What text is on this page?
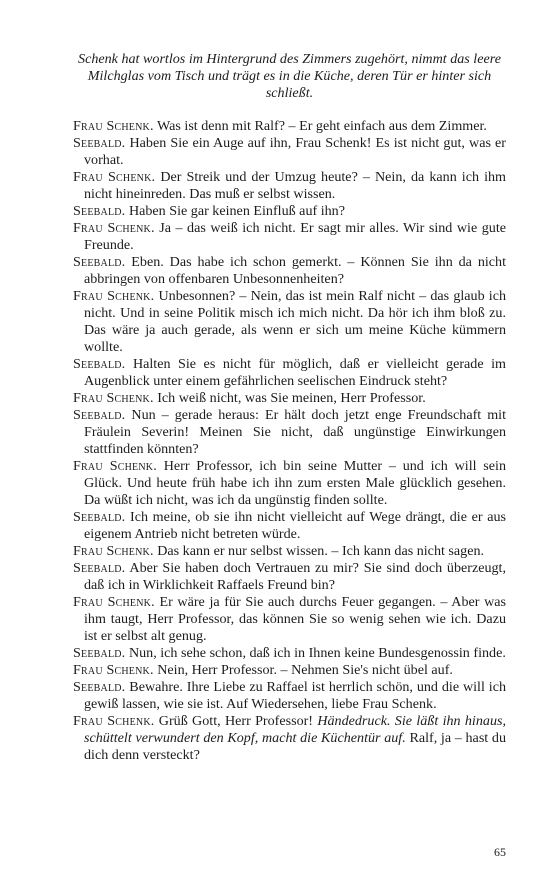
Schenk hat wortlos im Hintergrund des Zimmers zugehört, nimmt das leere Milchglas vom Tisch und trägt es in die Küche, deren Tür er hinter sich schließt.

Frau Schenk. Was ist denn mit Ralf? – Er geht einfach aus dem Zimmer.

Seebald. Haben Sie ein Auge auf ihn, Frau Schenk! Es ist nicht gut, was er vorhat.

Frau Schenk. Der Streik und der Umzug heute? – Nein, da kann ich ihm nicht hineinreden. Das muß er selbst wissen.

Seebald. Haben Sie gar keinen Einfluß auf ihn?

Frau Schenk. Ja – das weiß ich nicht. Er sagt mir alles. Wir sind wie gute Freunde.

Seebald. Eben. Das habe ich schon gemerkt. – Können Sie ihn da nicht abbringen von offenbaren Unbesonnenheiten?

Frau Schenk. Unbesonnen? – Nein, das ist mein Ralf nicht – das glaub ich nicht. Und in seine Politik misch ich mich nicht. Da hör ich ihm bloß zu. Das wäre ja auch gerade, als wenn er sich um meine Küche kümmern wollte.

Seebald. Halten Sie es nicht für möglich, daß er vielleicht gerade im Augenblick unter einem gefährlichen seelischen Eindruck steht?

Frau Schenk. Ich weiß nicht, was Sie meinen, Herr Professor.

Seebald. Nun – gerade heraus: Er hält doch jetzt enge Freundschaft mit Fräulein Severin! Meinen Sie nicht, daß ungünstige Einwirkungen stattfinden könnten?

Frau Schenk. Herr Professor, ich bin seine Mutter – und ich will sein Glück. Und heute früh habe ich ihn zum ersten Male glücklich gesehen. Da wüßt ich nicht, was ich da ungünstig finden sollte.

Seebald. Ich meine, ob sie ihn nicht vielleicht auf Wege drängt, die er aus eigenem Antrieb nicht betreten würde.

Frau Schenk. Das kann er nur selbst wissen. – Ich kann das nicht sagen.

Seebald. Aber Sie haben doch Vertrauen zu mir? Sie sind doch überzeugt, daß ich in Wirklichkeit Raffaels Freund bin?

Frau Schenk. Er wäre ja für Sie auch durchs Feuer gegangen. – Aber was ihm taugt, Herr Professor, das können Sie so wenig sehen wie ich. Dazu ist er selbst alt genug.

Seebald. Nun, ich sehe schon, daß ich in Ihnen keine Bundesgenossin finde.

Frau Schenk. Nein, Herr Professor. – Nehmen Sie's nicht übel auf.

Seebald. Bewahre. Ihre Liebe zu Raffael ist herrlich schön, und die will ich gewiß lassen, wie sie ist. Auf Wiedersehen, liebe Frau Schenk.

Frau Schenk. Grüß Gott, Herr Professor! Händedruck. Sie läßt ihn hinaus, schüttelt verwundert den Kopf, macht die Küchentür auf. Ralf, ja – hast du dich denn versteckt?

65
